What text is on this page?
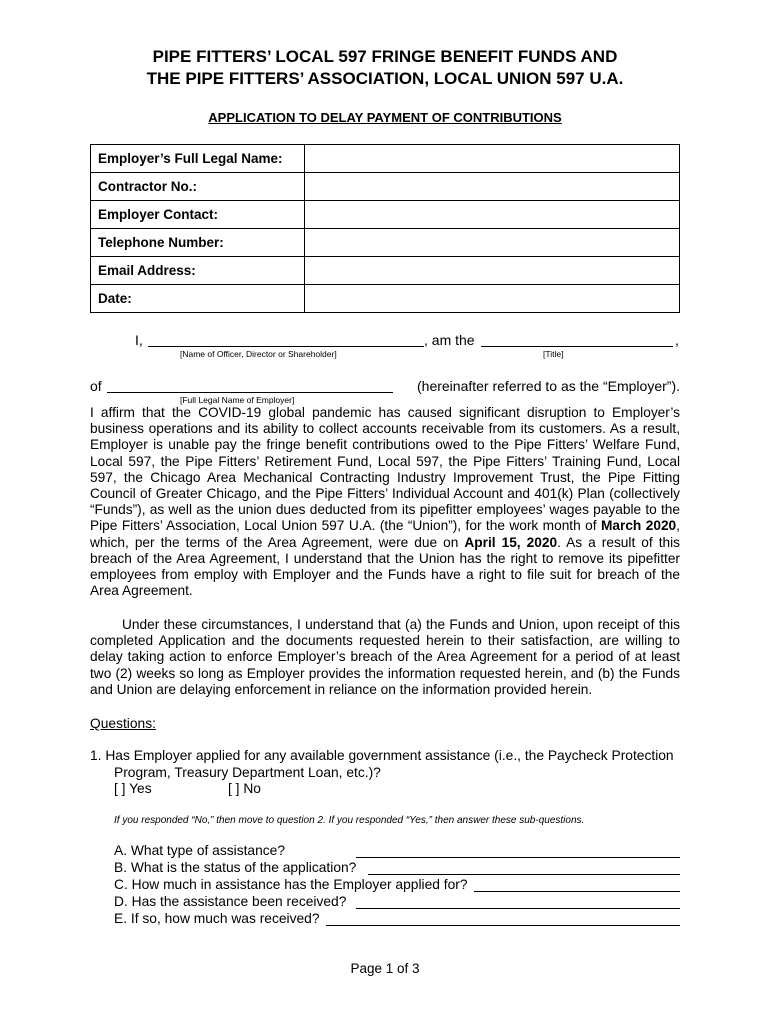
PIPE FITTERS’ LOCAL 597 FRINGE BENEFIT FUNDS AND
THE PIPE FITTERS’ ASSOCIATION, LOCAL UNION 597 U.A.
APPLICATION TO DELAY PAYMENT OF CONTRIBUTIONS
Employer’s Full Legal Name:	
Contractor No.:	
Employer Contact:	
Telephone Number:	
Email Address:	
Date:	
I,	, am the	,
[Name of Officer, Director or Shareholder]	[Title]
of	(hereinafter referred to as the “Employer”).
[Full Legal Name of Employer]

I affirm that the COVID-19 global pandemic has caused significant disruption to Employer’s business operations and its ability to collect accounts receivable from its customers. As a result, Employer is unable pay the fringe benefit contributions owed to the Pipe Fitters’ Welfare Fund, Local 597, the Pipe Fitters’ Retirement Fund, Local 597, the Pipe Fitters’ Training Fund, Local 597, the Chicago Area Mechanical Contracting Industry Improvement Trust, the Pipe Fitting Council of Greater Chicago, and the Pipe Fitters’ Individual Account and 401(k) Plan (collectively “Funds”), as well as the union dues deducted from its pipefitter employees’ wages payable to the Pipe Fitters’ Association, Local Union 597 U.A. (the “Union”), for the work month of March 2020, which, per the terms of the Area Agreement, were due on April 15, 2020. As a result of this breach of the Area Agreement, I understand that the Union has the right to remove its pipefitter employees from employ with Employer and the Funds have a right to file suit for breach of the Area Agreement.

Under these circumstances, I understand that (a) the Funds and Union, upon receipt of this completed Application and the documents requested herein to their satisfaction, are willing to delay taking action to enforce Employer’s breach of the Area Agreement for a period of at least two (2) weeks so long as Employer provides the information requested herein, and (b) the Funds and Union are delaying enforcement in reliance on the information provided herein.

Questions:
1. Has Employer applied for any available government assistance (i.e., the Paycheck Protection
Program, Treasury Department Loan, etc.)?
[ ] Yes	[ ] No
If you responded “No,” then move to question 2. If you responded “Yes,” then answer these sub-questions.
A. What type of assistance?
B. What is the status of the application?
C. How much in assistance has the Employer applied for?
D. Has the assistance been received?
E. If so, how much was received?
Page 1 of 3
